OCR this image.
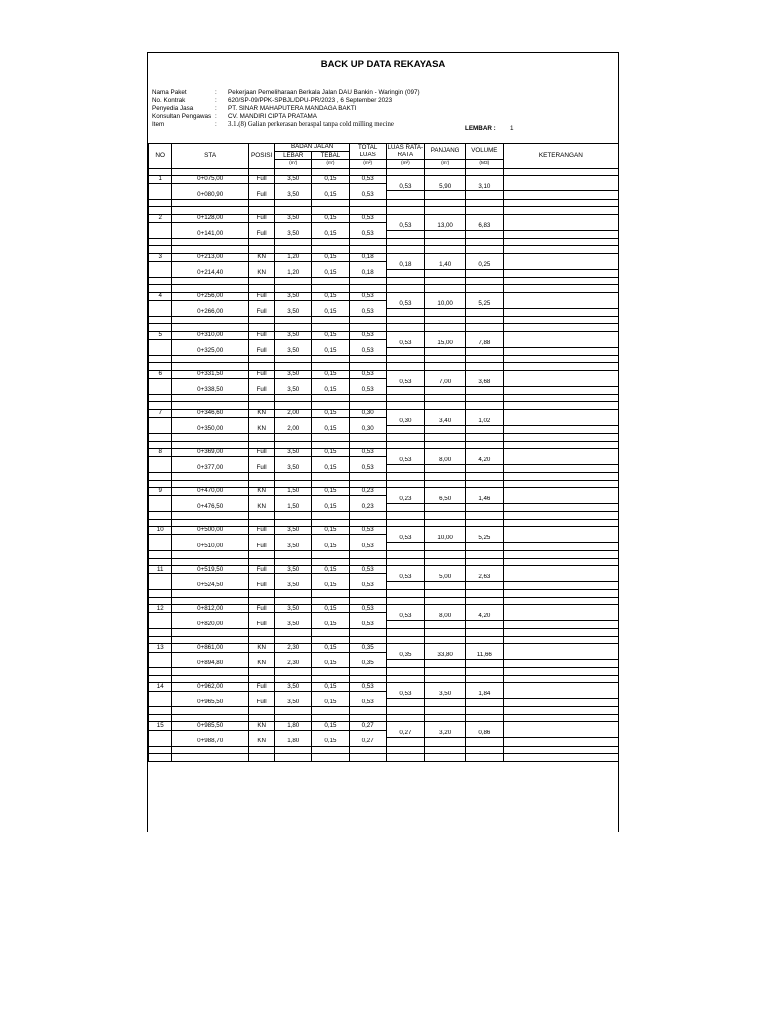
BACK UP DATA REKAYASA
Nama Paket	: Pekerjaan Pemeliharaan Berkala Jalan DAU Bankin - Waringin (097)
No. Kontrak	: 620/SP-09/PPK-SPBJL/DPU-PR/2023 , 6 September 2023
Penyedia Jasa	: PT. SINAR MAHAPUTERA MANDAGA BAKTI
Konsultan Pengawas : CV. MANDIRI CIPTA PRATAMA
Item	: 3.1.(8) Galian perkerasan beraspal tanpa cold milling mecine
LEMBAR : 1
NO	STA	POSISI	BADAN JALAN		TOTAL	LUAS RATA-	PANJANG	VOLUME	KETERANGAN
			LEBAR	TEBAL	LUAS	RATA			
			(m')	(m')	(m²)	(m²)	(m')	(M3)	

1	0+075,00	Full	3,50	0,15	0,53				
						0,53	5,90	3,10	
	0+080,90	Full	3,50	0,15	0,53				

2	0+128,00	Full	3,50	0,15	0,53				
						0,53	13,00	6,83	
	0+141,00	Full	3,50	0,15	0,53				

3	0+213,00	KN	1,20	0,15	0,18				
						0,18	1,40	0,25	
	0+214,40	KN	1,20	0,15	0,18				

4	0+256,00	Full	3,50	0,15	0,53				
						0,53	10,00	5,25	
	0+266,00	Full	3,50	0,15	0,53				

5	0+310,00	Full	3,50	0,15	0,53				
						0,53	15,00	7,88	
	0+325,00	Full	3,50	0,15	0,53				

6	0+331,50	Full	3,50	0,15	0,53				
						0,53	7,00	3,68	
	0+338,50	Full	3,50	0,15	0,53				

7	0+346,60	KN	2,00	0,15	0,30				
						0,30	3,40	1,02	
	0+350,00	KN	2,00	0,15	0,30				

8	0+369,00	Full	3,50	0,15	0,53				
						0,53	8,00	4,20	
	0+377,00	Full	3,50	0,15	0,53				

9	0+470,00	KN	1,50	0,15	0,23				
						0,23	6,50	1,46	
	0+476,50	KN	1,50	0,15	0,23				

10	0+500,00	Full	3,50	0,15	0,53				
						0,53	10,00	5,25	
	0+510,00	Full	3,50	0,15	0,53				

11	0+519,50	Full	3,50	0,15	0,53				
						0,53	5,00	2,63	
	0+524,50	Full	3,50	0,15	0,53				

12	0+812,00	Full	3,50	0,15	0,53				
						0,53	8,00	4,20	
	0+820,00	Full	3,50	0,15	0,53				

13	0+861,00	KN	2,30	0,15	0,35				
						0,35	33,80	11,66	
	0+894,80	KN	2,30	0,15	0,35				

14	0+962,00	Full	3,50	0,15	0,53				
						0,53	3,50	1,84	
	0+965,50	Full	3,50	0,15	0,53				

15	0+985,50	KN	1,80	0,15	0,27				
						0,27	3,20	0,86	
	0+988,70	KN	1,80	0,15	0,27				
